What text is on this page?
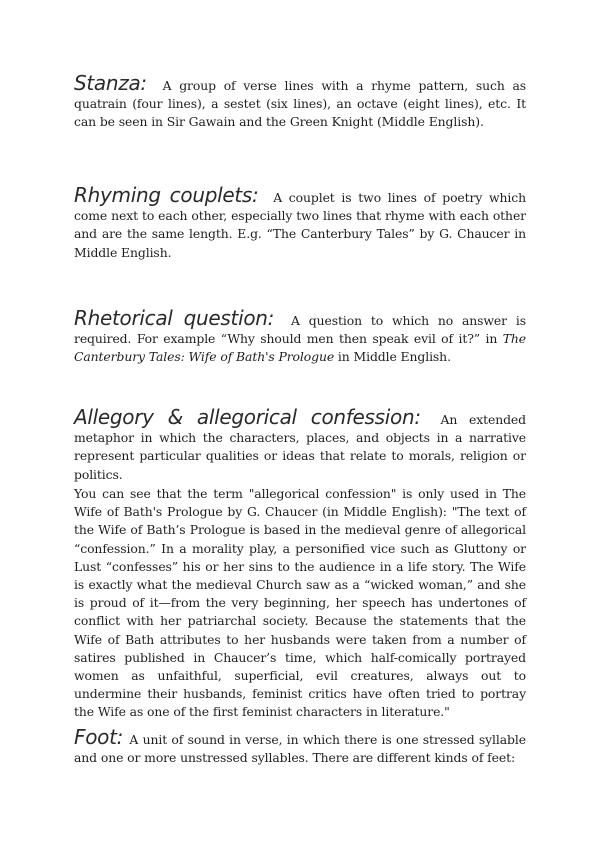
Stanza: A group of verse lines with a rhyme pattern, such as quatrain (four lines), a sestet (six lines), an octave (eight lines), etc. It can be seen in Sir Gawain and the Green Knight (Middle English).

Rhyming couplets: A couplet is two lines of poetry which come next to each other, especially two lines that rhyme with each other and are the same length. E.g. “The Canterbury Tales” by G. Chaucer in Middle English.

Rhetorical question: A question to which no answer is required. For example “Why should men then speak evil of it?” in The Canterbury Tales: Wife of Bath's Prologue in Middle English.

Allegory & allegorical confession: An extended metaphor in which the characters, places, and objects in a narrative represent particular qualities or ideas that relate to morals, religion or politics.

You can see that the term "allegorical confession" is only used in The Wife of Bath's Prologue by G. Chaucer (in Middle English): "The text of the Wife of Bath’s Prologue is based in the medieval genre of allegorical “confession.” In a morality play, a personified vice such as Gluttony or Lust “confesses” his or her sins to the audience in a life story. The Wife is exactly what the medieval Church saw as a “wicked woman,” and she is proud of it—from the very beginning, her speech has undertones of conflict with her patriarchal society. Because the statements that the Wife of Bath attributes to her husbands were taken from a number of satires published in Chaucer’s time, which half-comically portrayed women as unfaithful, superficial, evil creatures, always out to undermine their husbands, feminist critics have often tried to portray the Wife as one of the first feminist characters in literature."

Foot: A unit of sound in verse, in which there is one stressed syllable and one or more unstressed syllables. There are different kinds of feet:
